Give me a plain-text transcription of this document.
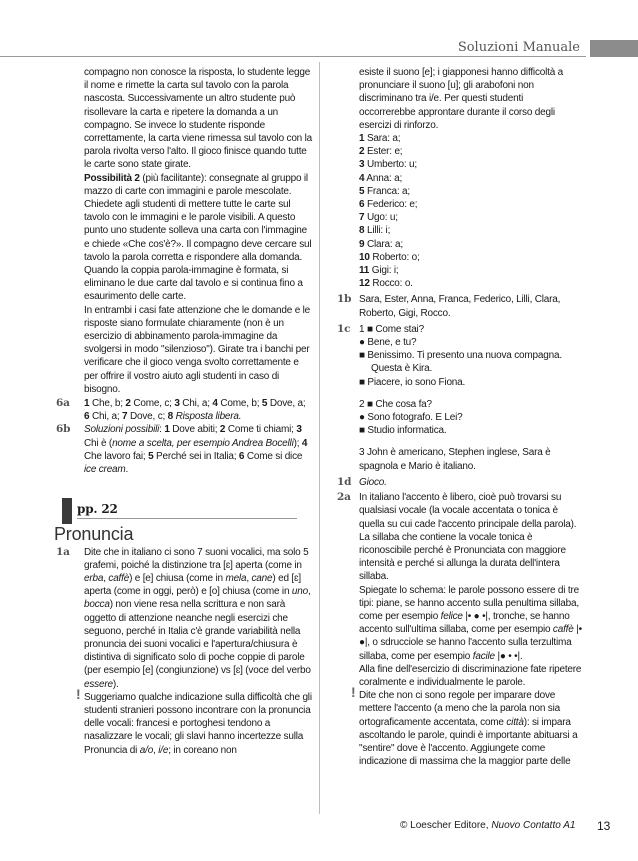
Soluzioni Manuale

compagno non conosce la risposta, lo studente legge il nome e rimette la carta sul tavolo con la parola nascosta. Successivamente un altro studente può risollevare la carta e ripetere la domanda a un compagno. Se invece lo studente risponde correttamente, la carta viene rimessa sul tavolo con la parola rivolta verso l'alto. Il gioco finisce quando tutte le carte sono state girate.

Possibilità 2 (più facilitante): consegnate al gruppo il mazzo di carte con immagini e parole mescolate. Chiedete agli studenti di mettere tutte le carte sul tavolo con le immagini e le parole visibili. A questo punto uno studente solleva una carta con l'immagine e chiede «Che cos'è?». Il compagno deve cercare sul tavolo la parola corretta e rispondere alla domanda. Quando la coppia parola-immagine è formata, si eliminano le due carte dal tavolo e si continua fino a esaurimento delle carte.

In entrambi i casi fate attenzione che le domande e le risposte siano formulate chiaramente (non è un esercizio di abbinamento parola-immagine da svolgersi in modo "silenzioso"). Girate tra i banchi per verificare che il gioco venga svolto correttamente e per offrire il vostro aiuto agli studenti in caso di bisogno.

6a 1 Che, b; 2 Come, c; 3 Chi, a; 4 Come, b; 5 Dove, a; 6 Chi, a; 7 Dove, c; 8 Risposta libera.

6b Soluzioni possibili: 1 Dove abiti; 2 Come ti chiami; 3 Chi è (nome a scelta, per esempio Andrea Bocelli); 4 Che lavoro fai; 5 Perché sei in Italia; 6 Come si dice ice cream.

pp. 22
Pronuncia

1a Dite che in italiano ci sono 7 suoni vocalici, ma solo 5 grafemi, poiché la distinzione tra [ɛ] aperta (come in erba, caffè) e [e] chiusa (come in mela, cane) ed [ɛ] aperta (come in oggi, però) e [o] chiusa (come in uno, bocca) non viene resa nella scrittura e non sarà oggetto di attenzione neanche negli esercizi che seguono, perché in Italia c'è grande variabilità nella pronuncia dei suoni vocalici e l'apertura/chiusura è distintiva di significato solo di poche coppie di parole (per esempio [e] (congiunzione) vs [ɛ] (voce del verbo essere).

! Suggeriamo qualche indicazione sulla difficoltà che gli studenti stranieri possono incontrare con la pronuncia delle vocali: francesi e portoghesi tendono a nasalizzare le vocali; gli slavi hanno incertezze sulla Pronuncia di a/o, i/e; in coreano non

esiste il suono [e]; i giapponesi hanno difficoltà a pronunciare il suono [u]; gli arabofoni non discriminano tra i/e. Per questi studenti occorrerebbe approntare durante il corso degli esercizi di rinforzo.

1 Sara: a;
2 Ester: e;
3 Umberto: u;
4 Anna: a;
5 Franca: a;
6 Federico: e;
7 Ugo: u;
8 Lilli: i;
9 Clara: a;
10 Roberto: o;
11 Gigi: i;
12 Rocco: o.

1b Sara, Ester, Anna, Franca, Federico, Lilli, Clara, Roberto, Gigi, Rocco.

1c 1 ■ Come stai?

● Bene, e tu?
■ Benissimo. Ti presento una nuova compagna. Questa è Kira.
■ Piacere, io sono Fiona.
2 ■ Che cosa fa?
● Sono fotografo. E Lei?
■ Studio informatica.
3 John è americano, Stephen inglese, Sara è spagnola e Mario è italiano.

1d Gioco.

2a In italiano l'accento è libero, cioè può trovarsi su qualsiasi vocale (la vocale accentata o tonica è quella su cui cade l'accento principale della parola). La sillaba che contiene la vocale tonica è riconoscibile perché è Pronunciata con maggiore intensità e perché si allunga la durata dell'intera sillaba.

Spiegate lo schema: le parole possono essere di tre tipi: piane, se hanno accento sulla penultima sillaba, come per esempio felice |• ● •|, tronche, se hanno accento sull'ultima sillaba, come per esempio caffè |• ●|, o sdrucciole se hanno l'accento sulla terzultima sillaba, come per esempio facile |● • •|.

Alla fine dell'esercizio di discriminazione fate ripetere coralmente e individualmente le parole.

! Dite che non ci sono regole per imparare dove mettere l'accento (a meno che la parola non sia ortograficamente accentata, come città): si impara ascoltando le parole, quindi è importante abituarsi a "sentire" dove è l'accento. Aggiungete come indicazione di massima che la maggior parte delle

© Loescher Editore, Nuovo Contatto A1 13
